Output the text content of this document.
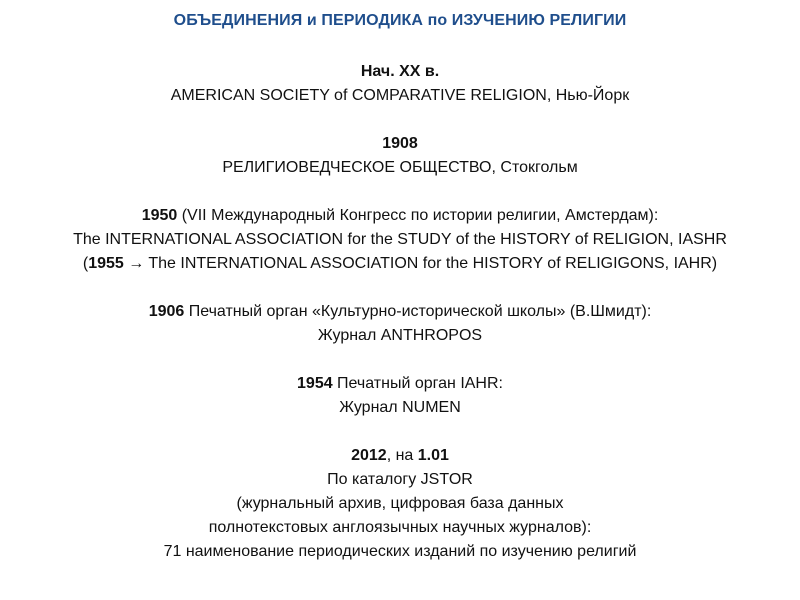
ОБЪЕДИНЕНИЯ и ПЕРИОДИКА по ИЗУЧЕНИЮ РЕЛИГИИ
Нач. ХХ в.
AMERICAN SOCIETY of COMPARATIVE RELIGION, Нью-Йорк
1908
РЕЛИГИОВЕДЧЕСКОЕ ОБЩЕСТВО, Стокгольм
1950 (VII Международный Конгресс по истории религии, Амстердам):
The INTERNATIONAL ASSOCIATION for the STUDY of the HISTORY of RELIGION, IASHR
(1955 → The INTERNATIONAL ASSOCIATION for the HISTORY of RELIGIGONS, IAHR)
1906 Печатный орган «Культурно-исторической школы» (В.Шмидт):
Журнал ANTHROPOS
1954 Печатный орган IAHR:
Журнал NUMEN
2012, на 1.01
По каталогу JSTOR
(журнальный архив, цифровая база данных
полнотекстовых англоязычных научных журналов):
71 наименование периодических изданий по изучению религий
